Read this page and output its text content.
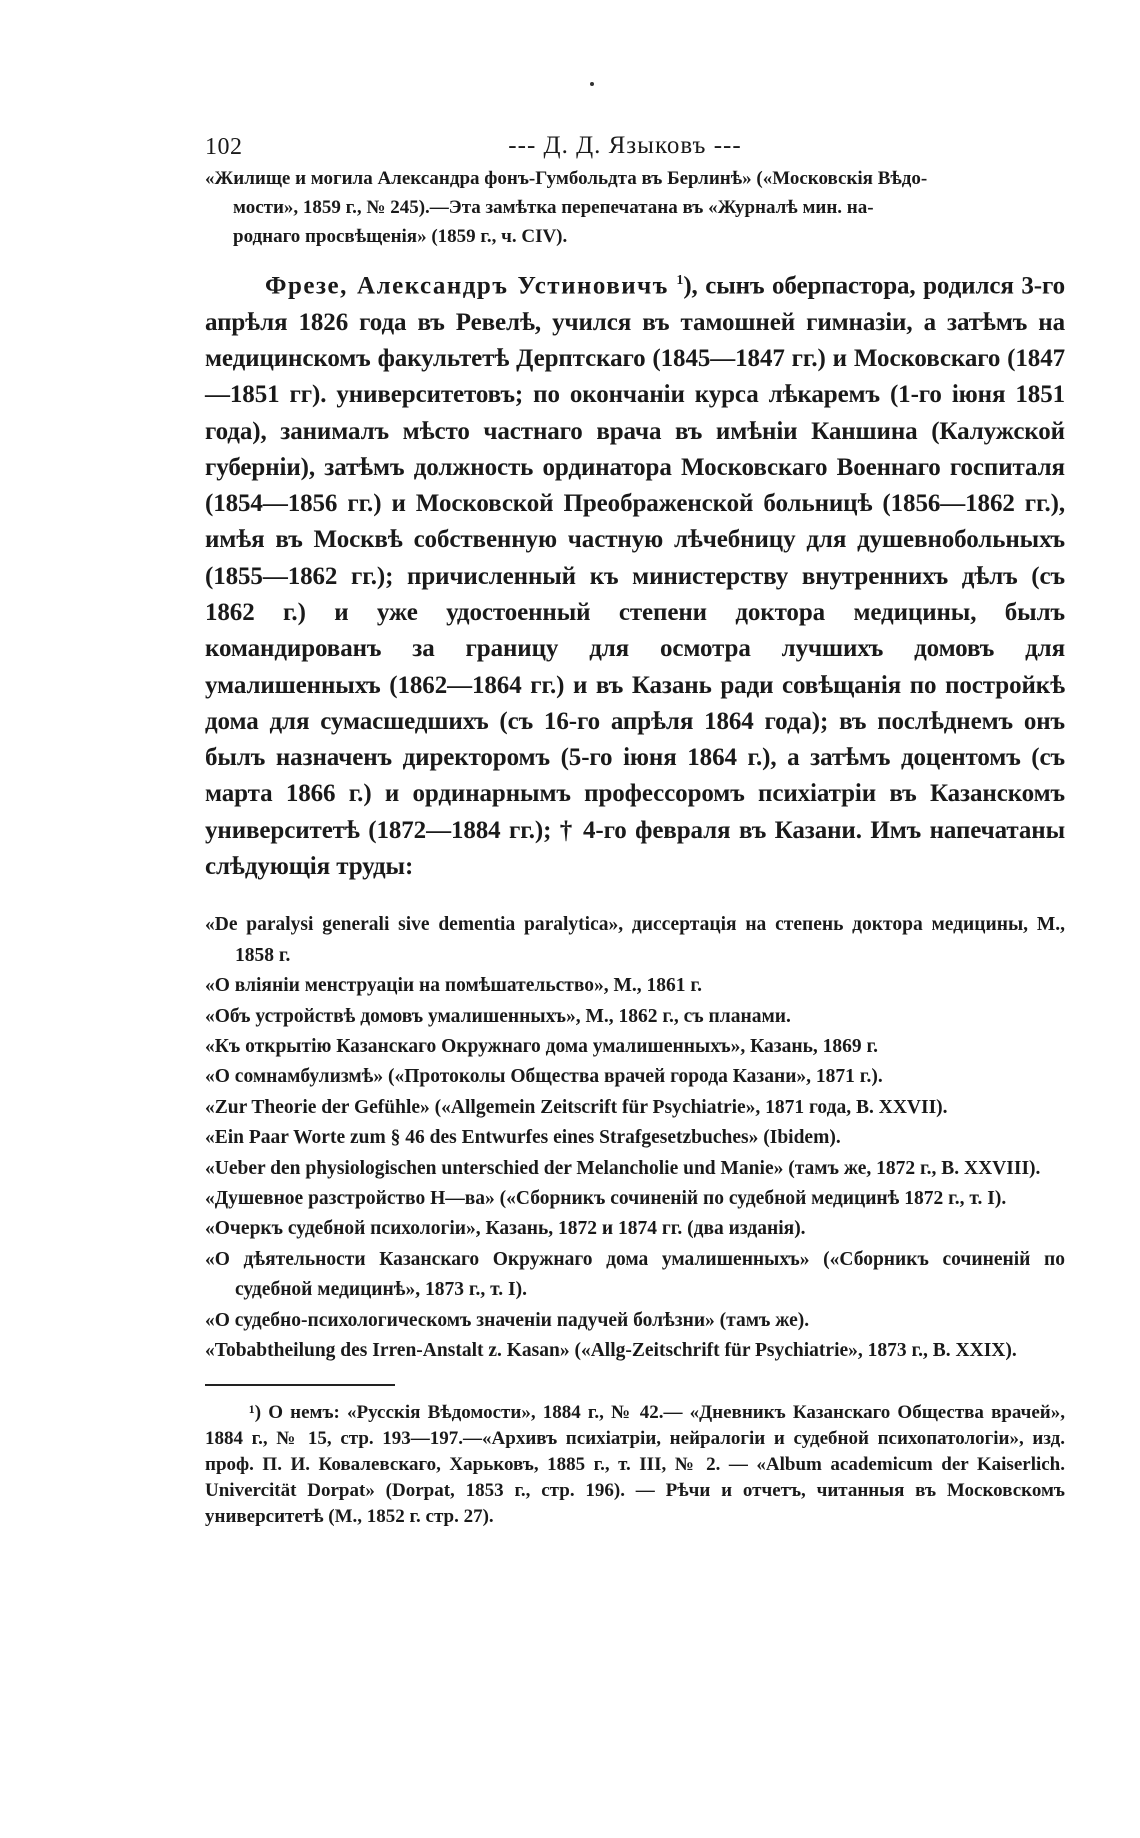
102	--- Д. Д. Языковъ ---
«Жилище и могила Александра фонъ-Гумбольдта въ Берлинѣ» («Московскія Вѣдо-
мости», 1859 г., № 245).—Эта замѣтка перепечатана въ «Журналѣ мин. на-
роднаго просвѣщенія» (1859 г., ч. CIV).

Фрезе, Александръ Устиновичъ $^1$), сынъ оберпастора, родился 3-го апрѣля 1826 года въ Ревелѣ, учился въ тамошней гимназіи, а затѣмъ на медицинскомъ факультетѣ Дерптскаго (1845—1847 гг.) и Московскаго (1847—1851 гг). университетовъ; по окончаніи курса лѣкаремъ (1-го іюня 1851 года), занималъ мѣсто частнаго врача въ имѣніи Каншина (Калужской губерніи), затѣмъ должность ординатора Московскаго Военнаго госпиталя (1854—1856 гг.) и Московской Преображенской больницѣ (1856—1862 гг.), имѣя въ Москвѣ собственную частную лѣчебницу для душевнобольныхъ (1855—1862 гг.); причисленный къ министерству внутреннихъ дѣлъ (съ 1862 г.) и уже удостоенный степени доктора медицины, былъ командированъ за границу для осмотра лучшихъ домовъ для умалишенныхъ (1862—1864 гг.) и въ Казань ради совѣщанія по постройкѣ дома для сумасшедшихъ (съ 16-го апрѣля 1864 года); въ послѣднемъ онъ былъ назначенъ директоромъ (5-го іюня 1864 г.), а затѣмъ доцентомъ (съ марта 1866 г.) и ординарнымъ профессоромъ психіатріи въ Казанскомъ университетѣ (1872—1884 гг.); † 4-го февраля въ Казани. Имъ напечатаны слѣдующія труды:

«De paralysi generali sive dementia paralytica», диссертація на степень доктора медицины, М., 1858 г.
«О вліяніи менструаціи на помѣшательство», М., 1861 г.
«Объ устройствѣ домовъ умалишенныхъ», М., 1862 г., съ планами.
«Къ открытію Казанскаго Окружнаго дома умалишенныхъ», Казань, 1869 г.
«О сомнамбулизмѣ» («Протоколы Общества врачей города Казани», 1871 г.).
«Zur Theorie der Gefühle» («Allgemein Zeitscrift für Psychiatrie», 1871 года, B. XXVII).
«Ein Paar Worte zum § 46 des Entwurfes eines Strafgesetzbuches» (Ibidem).
«Ueber den physiologischen unterschied der Melancholie und Manie» (тамъ же, 1872 г., B. XXVIII).
«Душевное разстройство Н—ва» («Сборникъ сочиненій по судебной медицинѣ 1872 г., т. I).
«Очеркъ судебной психологіи», Казань, 1872 и 1874 гг. (два изданія).
«О дѣятельности Казанскаго Окружнаго дома умалишенныхъ» («Сборникъ сочиненій по судебной медицинѣ», 1873 г., т. I).
«О судебно-психологическомъ значеніи падучей болѣзни» (тамъ же).
«Tobabtheilung des Irren-Anstalt z. Kasan» («Allg-Zeitschrift für Psychiatrie», 1873 г., B. XXIX).

¹) О немъ: «Русскія Вѣдомости», 1884 г., № 42.— «Дневникъ Казанскаго Общества врачей», 1884 г., № 15, стр. 193—197.—«Архивъ психіатріи, нейралогіи и судебной психопатологіи», изд. проф. П. И. Ковалевскаго, Харьковъ, 1885 г., т. III, № 2. — «Album academicum der Kaiserlich. Univercität Dorpat» (Dorpat, 1853 г., стр. 196). — Рѣчи и отчетъ, читанныя въ Московскомъ университетѣ (М., 1852 г. стр. 27).
